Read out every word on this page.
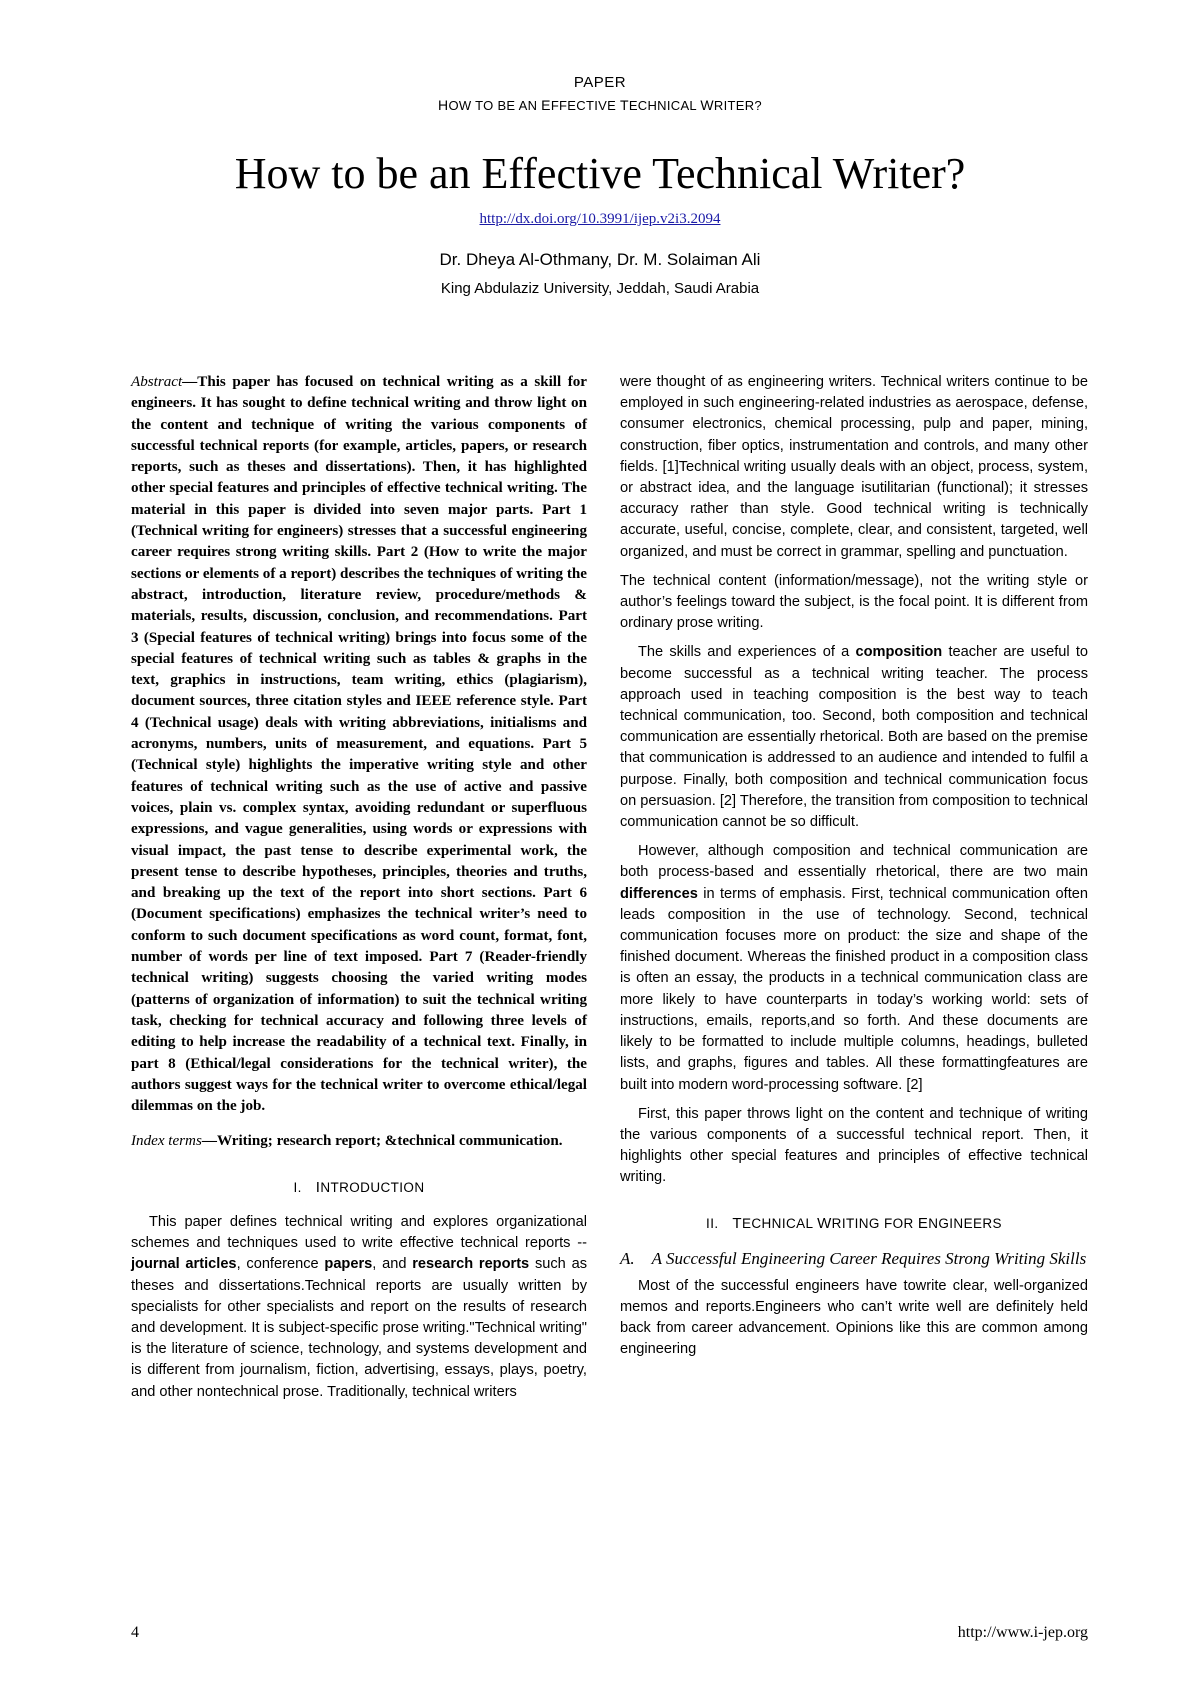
PAPER
HOW TO BE AN EFFECTIVE TECHNICAL WRITER?
How to be an Effective Technical Writer?
http://dx.doi.org/10.3991/ijep.v2i3.2094
Dr. Dheya Al-Othmany, Dr. M. Solaiman Ali
King Abdulaziz University, Jeddah, Saudi Arabia

Abstract—This paper has focused on technical writing as a skill for engineers. It has sought to define technical writing and throw light on the content and technique of writing the various components of successful technical reports (for example, articles, papers, or research reports, such as theses and dissertations). Then, it has highlighted other special features and principles of effective technical writing. The material in this paper is divided into seven major parts. Part 1 (Technical writing for engineers) stresses that a successful engineering career requires strong writing skills. Part 2 (How to write the major sections or elements of a report) describes the techniques of writing the abstract, introduction, literature review, procedure/methods & materials, results, discussion, conclusion, and recommendations. Part 3 (Special features of technical writing) brings into focus some of the special features of technical writing such as tables & graphs in the text, graphics in instructions, team writing, ethics (plagiarism), document sources, three citation styles and IEEE reference style. Part 4 (Technical usage) deals with writing abbreviations, initialisms and acronyms, numbers, units of measurement, and equations. Part 5 (Technical style) highlights the imperative writing style and other features of technical writing such as the use of active and passive voices, plain vs. complex syntax, avoiding redundant or superfluous expressions, and vague generalities, using words or expressions with visual impact, the past tense to describe experimental work, the present tense to describe hypotheses, principles, theories and truths, and breaking up the text of the report into short sections. Part 6 (Document specifications) emphasizes the technical writer’s need to conform to such document specifications as word count, format, font, number of words per line of text imposed. Part 7 (Reader-friendly technical writing) suggests choosing the varied writing modes (patterns of organization of information) to suit the technical writing task, checking for technical accuracy and following three levels of editing to help increase the readability of a technical text. Finally, in part 8 (Ethical/legal considerations for the technical writer), the authors suggest ways for the technical writer to overcome ethical/legal dilemmas on the job.

Index terms—Writing; research report; &technical communication.

I.  INTRODUCTION

This paper defines technical writing and explores organizational schemes and techniques used to write effective technical reports -- journal articles, conference papers, and research reports such as theses and dissertations.Technical reports are usually written by specialists for other specialists and report on the results of research and development. It is subject-specific prose writing."Technical writing" is the literature of science, technology, and systems development and is different from journalism, fiction, advertising, essays, plays, poetry, and other nontechnical prose. Traditionally, technical writers

were thought of as engineering writers. Technical writers continue to be employed in such engineering-related industries as aerospace, defense, consumer electronics, chemical processing, pulp and paper, mining, construction, fiber optics, instrumentation and controls, and many other fields. [1]Technical writing usually deals with an object, process, system, or abstract idea, and the language isutilitarian (functional); it stresses accuracy rather than style. Good technical writing is technically accurate, useful, concise, complete, clear, and consistent, targeted, well organized, and must be correct in grammar, spelling and punctuation.

The technical content (information/message), not the writing style or author’s feelings toward the subject, is the focal point. It is different from ordinary prose writing.

The skills and experiences of a composition teacher are useful to become successful as a technical writing teacher. The process approach used in teaching composition is the best way to teach technical communication, too. Second, both composition and technical communication are essentially rhetorical. Both are based on the premise that communication is addressed to an audience and intended to fulfil a purpose. Finally, both composition and technical communication focus on persuasion. [2] Therefore, the transition from composition to technical communication cannot be so difficult.

However, although composition and technical communication are both process-based and essentially rhetorical, there are two main differences in terms of emphasis. First, technical communication often leads composition in the use of technology. Second, technical communication focuses more on product: the size and shape of the finished document. Whereas the finished product in a composition class is often an essay, the products in a technical communication class are more likely to have counterparts in today’s working world: sets of instructions, emails, reports,and so forth. And these documents are likely to be formatted to include multiple columns, headings, bulleted lists, and graphs, figures and tables. All these formattingfeatures are built into modern word-processing software. [2]

First, this paper throws light on the content and technique of writing the various components of a successful technical report. Then, it highlights other special features and principles of effective technical writing.

II.  TECHNICAL WRITING FOR ENGINEERS

A. A Successful Engineering Career Requires Strong Writing Skills

Most of the successful engineers have towrite clear, well-organized memos and reports.Engineers who can’t write well are definitely held back from career advancement. Opinions like this are common among engineering

4	http://www.i-jep.org
